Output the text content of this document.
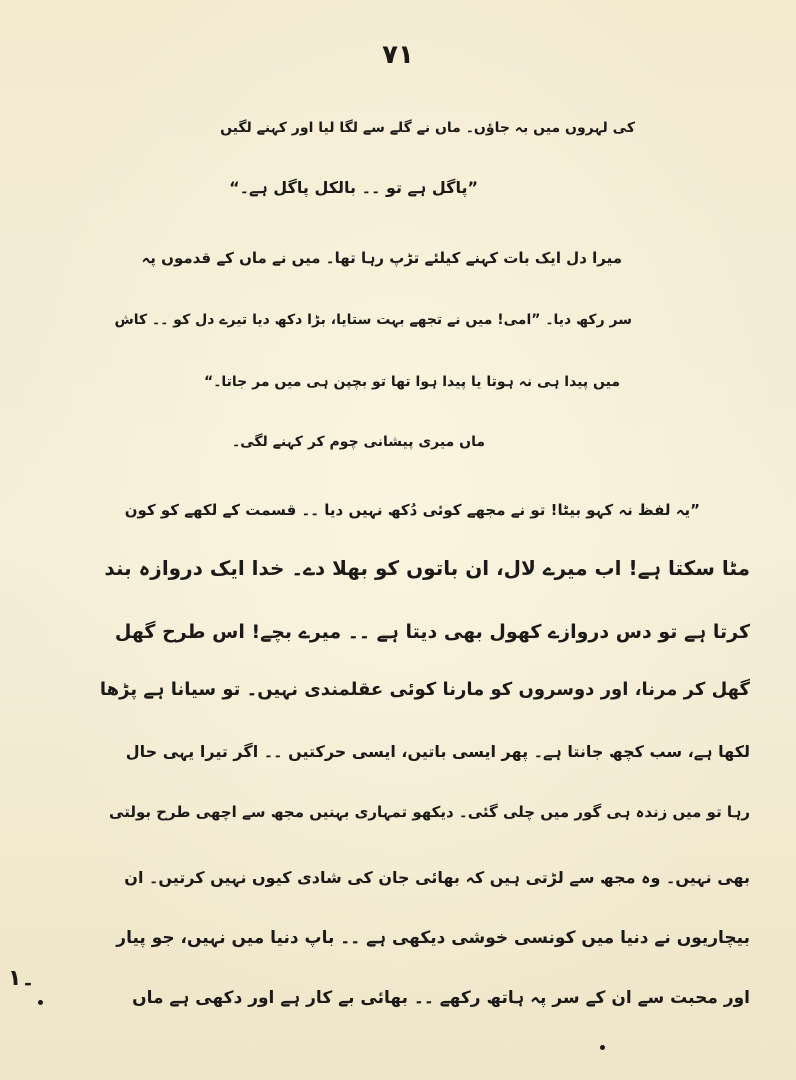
۷۱
کی لہروں میں بہ جاؤں۔ ماں نے گلے سے لگا لیا اور کہنے لگیں
”پاگل ہے تو ۔۔ بالکل پاگل ہے۔“
میرا دل ایک بات کہنے کیلئے تڑپ رہا تھا۔ میں نے ماں کے قدموں پہ
سر رکھ دیا۔ ”امی! میں نے تجھے بہت ستایا، بڑا دکھ دیا تیرے دل کو ۔۔ کاش
میں پیدا ہی نہ ہوتا یا پیدا ہوا تھا تو بچپن ہی میں مر جاتا۔“
ماں میری پیشانی چوم کر کہنے لگی۔
”یہ لفظ نہ کہو بیٹا! تو نے مجھے کوئی دُکھ نہیں دیا ۔۔ قسمت کے لکھے کو کون
مٹا سکتا ہے! اب میرے لال، ان باتوں کو بھلا دے۔ خدا ایک دروازہ بند
کرتا ہے تو دس دروازے کھول بھی دیتا ہے ۔۔ میرے بچے! اس طرح گھل
گھل کر مرنا، اور دوسروں کو مارنا کوئی عقلمندی نہیں۔ تو سیانا ہے پڑھا
لکھا ہے، سب کچھ جانتا ہے۔ پھر ایسی باتیں، ایسی حرکتیں ۔۔ اگر تیرا یہی حال
رہا تو میں زندہ ہی گور میں چلی گئی۔ دیکھو تمہاری بہنیں مجھ سے اچھی طرح بولتی
بھی نہیں۔ وہ مجھ سے لڑتی ہیں کہ بھائی جان کی شادی کیوں نہیں کرتیں۔ ان
بیچاریوں نے دنیا میں کونسی خوشی دیکھی ہے ۔۔ باپ دنیا میں نہیں، جو پیار
اور محبت سے ان کے سر پہ ہاتھ رکھے ۔۔ بھائی بے کار ہے اور دکھی ہے ماں
۱۔
